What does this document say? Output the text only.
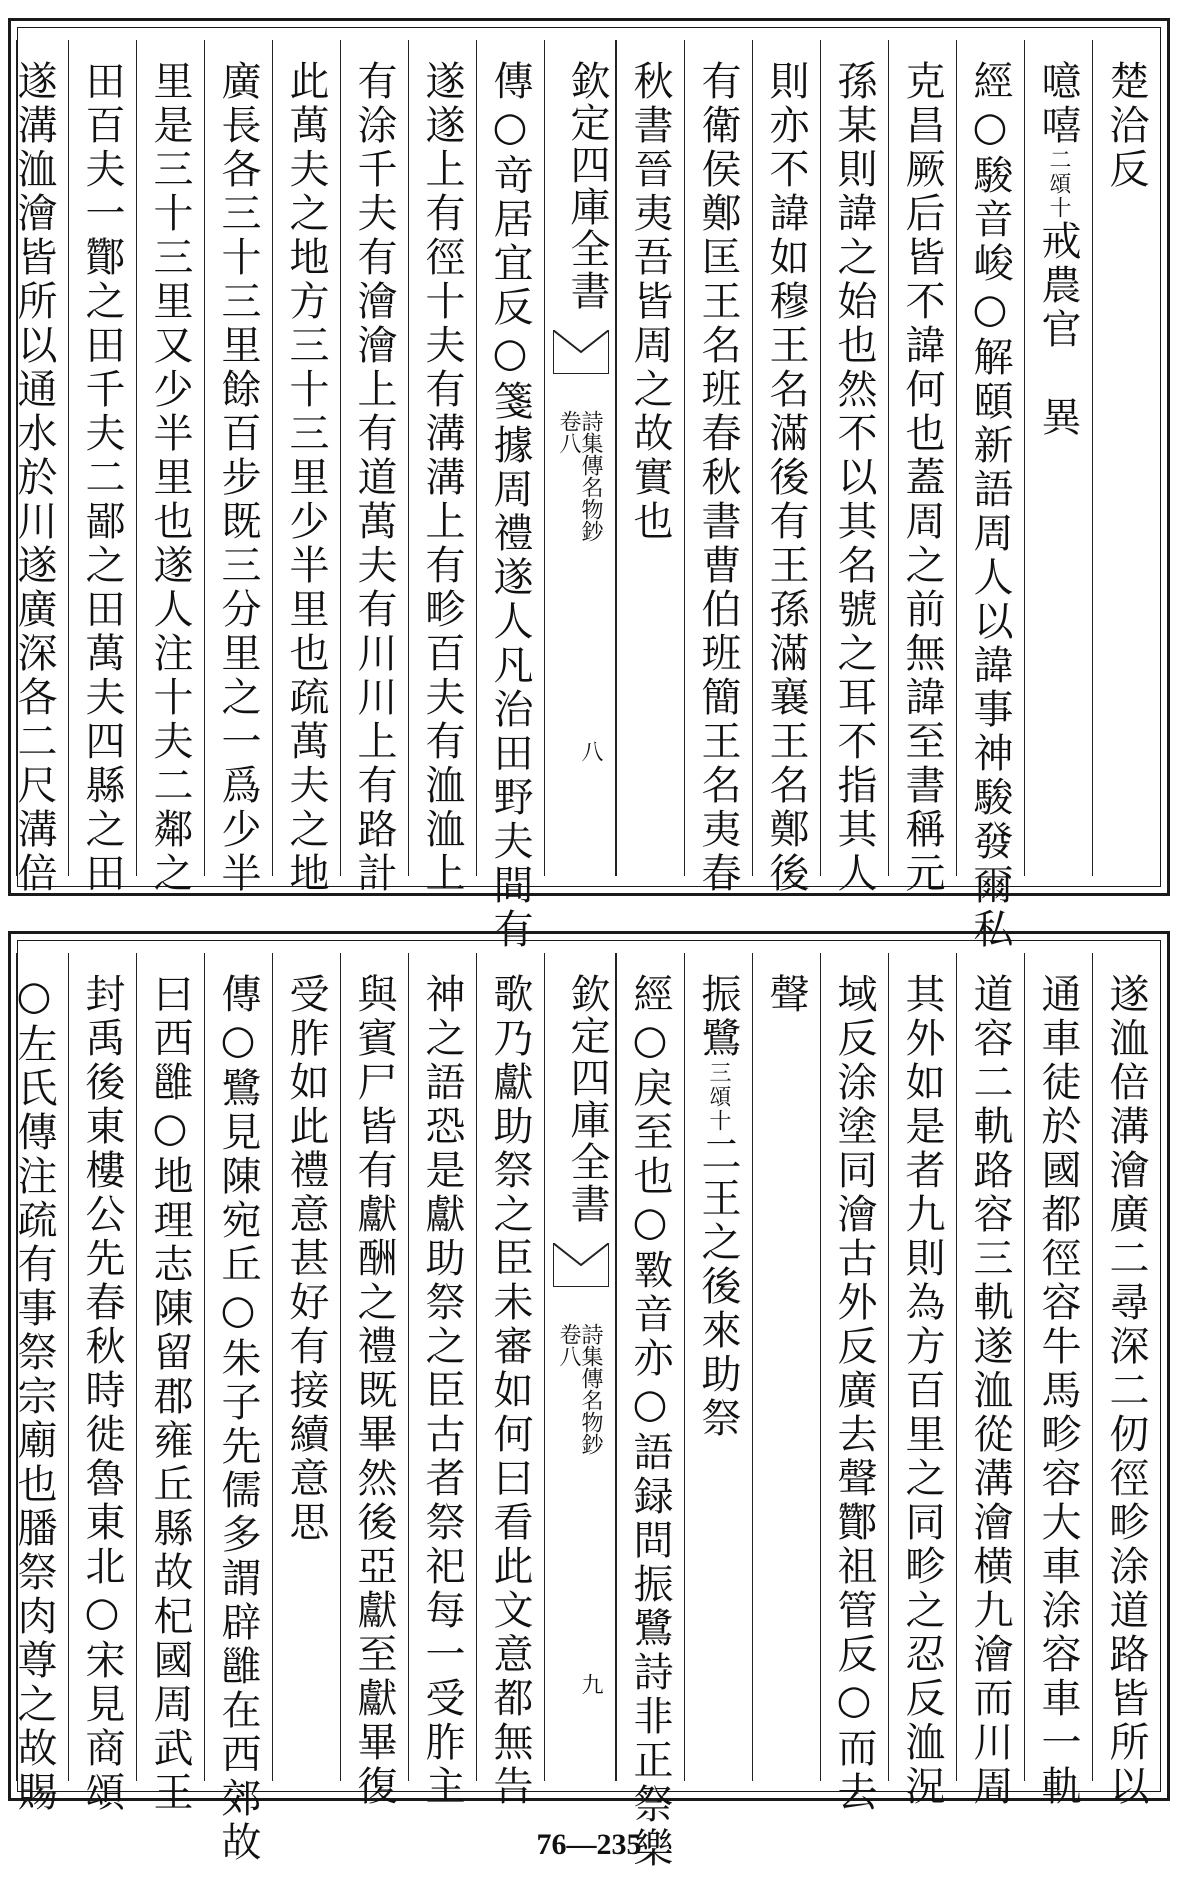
楚洽反
噫嘻二頌十戒農官　異
經○駿音峻○解頤新語周人以諱事神駿發爾私
克昌厥后皆不諱何也蓋周之前無諱至書稱元
孫某則諱之始也然不以其名號之耳不指其人
則亦不諱如穆王名滿後有王孫滿襄王名鄭後
有衛侯鄭匡王名班春秋書曹伯班簡王名夷春
秋書晉夷吾皆周之故實也
欽定四庫全書
詩集傳名物鈔
卷八
八
傳○竒居宜反○箋據周禮遂人凡治田野夫間有
遂遂上有徑十夫有溝溝上有畛百夫有洫洫上
有涂千夫有澮澮上有道萬夫有川川上有路計
此萬夫之地方三十三里少半里也疏萬夫之地
廣長各三十三里餘百步既三分里之一爲少半
里是三十三里又少半里也遂人注十夫二鄰之
田百夫一酇之田千夫二鄙之田萬夫四縣之田
遂溝洫澮皆所以通水於川遂廣深各二尺溝倍
遂洫倍溝澮廣二尋深二仞徑畛涂道路皆所以
通車徒於國都徑容牛馬畛容大車涂容車一軌
道容二軌路容三軌遂洫從溝澮横九澮而川周
其外如是者九則為方百里之同畛之忍反洫況
域反涂塗同澮古外反廣去聲酇祖管反○而去
聲
振鷺三頌十二王之後來助祭
經○戾至也○斁音亦○語録問振鷺詩非正祭樂
欽定四庫全書
詩集傳名物鈔
卷八
九
歌乃獻助祭之臣未審如何曰看此文意都無告
神之語恐是獻助祭之臣古者祭祀每一受胙主
與賓尸皆有獻酬之禮既畢然後亞獻至獻畢復
受胙如此禮意甚好有接續意思
傳○鷺見陳宛丘○朱子先儒多謂辟雝在西郊故
曰西雝○地理志陳留郡雍丘縣故杞國周武王
封禹後東樓公先春秋時徙魯東北○宋見商頌
○左氏傳注疏有事祭宗廟也膰祭肉尊之故賜
76—235
